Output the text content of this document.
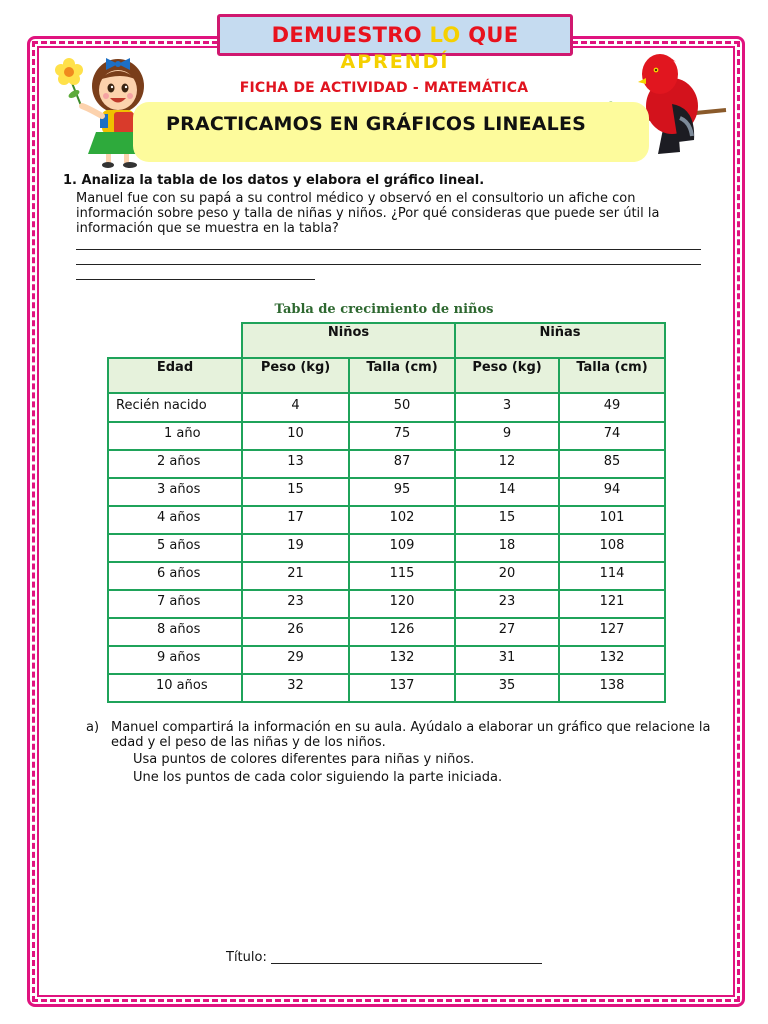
DEMUESTRO LO QUE
APRENDÍ
FICHA DE ACTIVIDAD - MATEMÁTICA
PRACTICAMOS EN GRÁFICOS LINEALES
1. Analiza la tabla de los datos y elabora el gráfico lineal.
Manuel fue con su papá a su control médico y observó en el consultorio un afiche con información sobre peso y talla de niñas y niños. ¿Por qué consideras que puede ser útil la información que se muestra en la tabla?
Tabla de crecimiento de niños
	Niños		Niñas	
Edad	Peso (kg)	Talla (cm)	Peso (kg)	Talla (cm)
Recién nacido	4	50	3	49
1 año	10	75	9	74
2 años	13	87	12	85
3 años	15	95	14	94
4 años	17	102	15	101
5 años	19	109	18	108
6 años	21	115	20	114
7 años	23	120	23	121
8 años	26	126	27	127
9 años	29	132	31	132
10 años	32	137	35	138
a) Manuel compartirá la información en su aula. Ayúdalo a elaborar un gráfico que relacione la edad y el peso de las niñas y de los niños.
Usa puntos de colores diferentes para niñas y niños.
Une los puntos de cada color siguiendo la parte iniciada.
Título:
